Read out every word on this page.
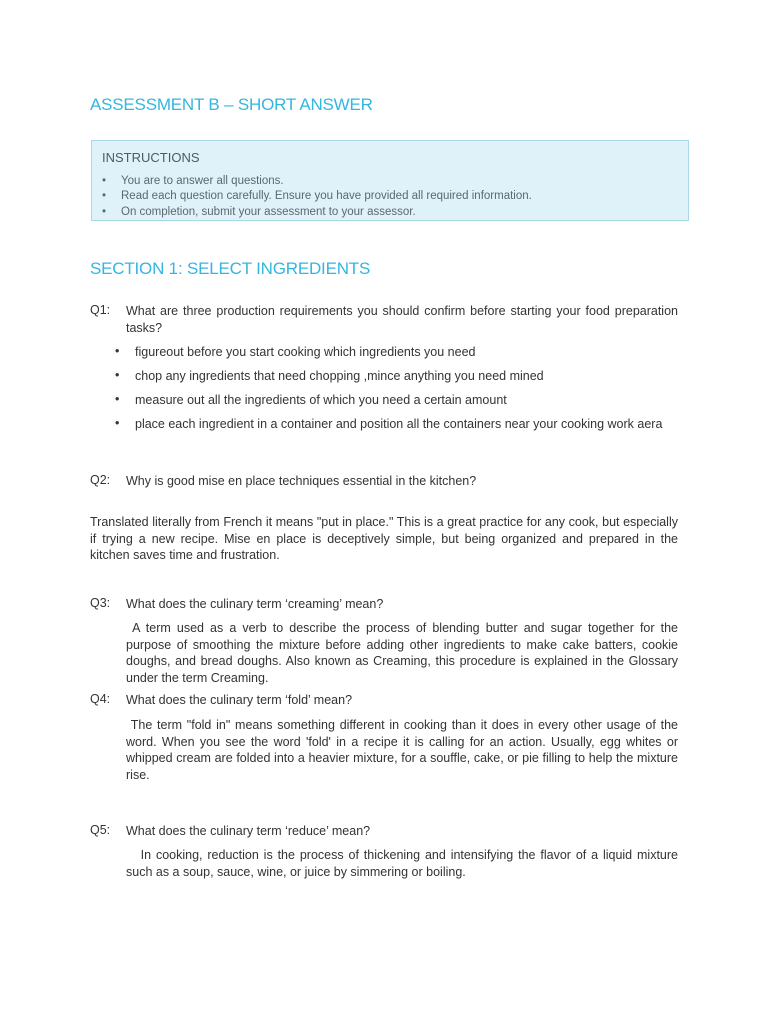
ASSESSMENT B – SHORT ANSWER
INSTRUCTIONS
• You are to answer all questions.
• Read each question carefully. Ensure you have provided all required information.
• On completion, submit your assessment to your assessor.
SECTION 1: SELECT INGREDIENTS
Q1: What are three production requirements you should confirm before starting your food preparation tasks?
• figureout before you start cooking which ingredients you need
• chop any ingredients that need chopping ,mince anything you need mined
• measure out all the ingredients of which you need a certain amount
• place each ingredient in a container and position all the containers near your cooking work aera
Q2: Why is good mise en place techniques essential in the kitchen?
Translated literally from French it means "put in place." This is a great practice for any cook, but especially if trying a new recipe. Mise en place is deceptively simple, but being organized and prepared in the kitchen saves time and frustration.
Q3: What does the culinary term ‘creaming’ mean?
A term used as a verb to describe the process of blending butter and sugar together for the purpose of smoothing the mixture before adding other ingredients to make cake batters, cookie doughs, and bread doughs. Also known as Creaming, this procedure is explained in the Glossary under the term Creaming.
Q4: What does the culinary term ‘fold’ mean?
The term "fold in" means something different in cooking than it does in every other usage of the word. When you see the word 'fold' in a recipe it is calling for an action. Usually, egg whites or whipped cream are folded into a heavier mixture, for a souffle, cake, or pie filling to help the mixture rise.
Q5: What does the culinary term ‘reduce’ mean?
In cooking, reduction is the process of thickening and intensifying the flavor of a liquid mixture such as a soup, sauce, wine, or juice by simmering or boiling.
